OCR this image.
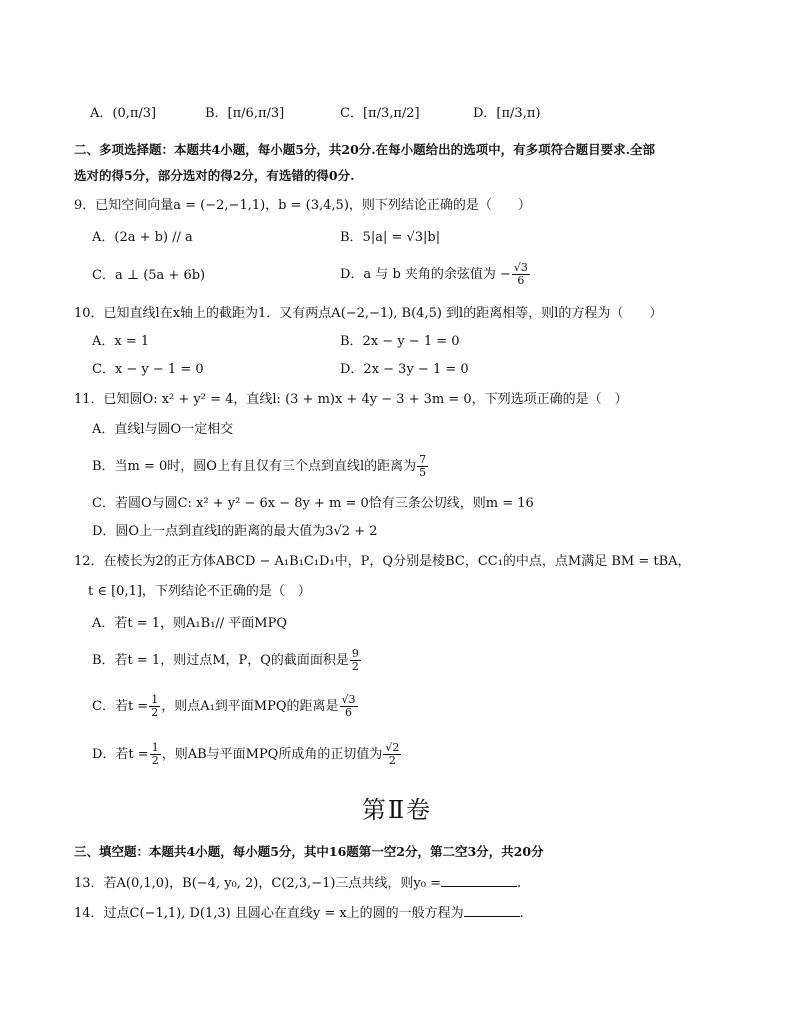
A．(0,π/3]	B．[π/6,π/3]	C．[π/3,π/2]	D．[π/3,π)
二、多项选择题：本题共4小题，每小题5分，共20分.在每小题给出的选项中，有多项符合题目要求.全部
选对的得5分，部分选对的得2分，有选错的得0分.
9．已知空间向量a = (−2,−1,1)，b = (3,4,5)，则下列结论正确的是（　　）
A．(2a + b) // a	B．5|a| = √3|b|
C．a ⊥ (5a + 6b)	D．a 与 b 夹角的余弦值为 − $\frac{√3}{6}$
10．已知直线l在x轴上的截距为1．又有两点A(−2,−1), B(4,5) 到l的距离相等，则l的方程为（　　）
A．x = 1	B．2x − y − 1 = 0
C．x − y − 1 = 0	D．2x − 3y − 1 = 0
11．已知圆O: x² + y² = 4，直线l: (3 + m)x + 4y − 3 + 3m = 0，下列选项正确的是（　）
A．直线l与圆O一定相交
B．当m = 0时，圆O上有且仅有三个点到直线l的距离为 $\frac{7}{5}$
C．若圆O与圆C: x² + y² − 6x − 8y + m = 0恰有三条公切线，则m = 16
D．圆O上一点到直线l的距离的最大值为3√2 + 2
12．在棱长为2的正方体ABCD − A₁B₁C₁D₁中，P，Q分别是棱BC，CC₁的中点，点M满足 BM = tBA，
t ∈ [0,1]，下列结论不正确的是（　）
A．若t = 1，则A₁B₁// 平面MPQ
B．若t = 1，则过点M，P，Q的截面面积是 $\frac{9}{2}$
C．若$t = \frac{1}{2}$ ，则点A₁到平面MPQ的距离是 $\frac{√3}{6}$
D．若$t = \frac{1}{2}$ ，则AB与平面MPQ所成角的正切值为 $\frac{√2}{2}$
第Ⅱ卷
三、填空题：本题共4小题，每小题5分，其中16题第一空2分，第二空3分，共20分
13．若A(0,1,0)，B(−4, y₀, 2)，C(2,3,−1)三点共线，则y₀ =	.
14．过点C(−1,1), D(1,3) 且圆心在直线y = x上的圆的一般方程为	.
